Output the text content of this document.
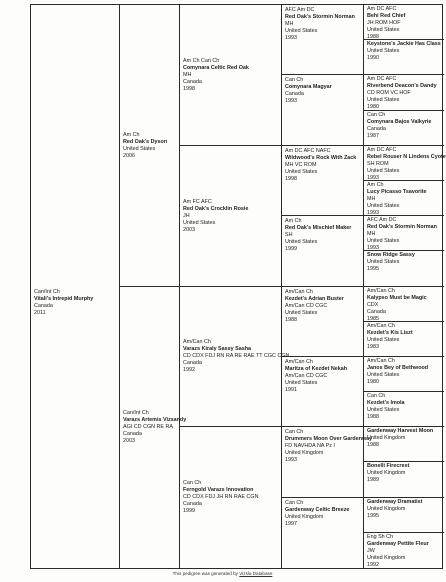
Can/Int Ch
Vitali's Intrepid Murphy
Canada
2011
Am Ch
Red Oak's Dyson
United States
2006
Can/Int Ch
Varazs Artemis Vizsandy
AGI CD CGN RE RA
Canada
2003
Am Ch Can Ch
Comynara Celtic Red Oak
MH
Canada
1998
Am FC AFC
Red Oak's Crocklin Rosie
JH
United States
2003
Am/Can Ch
Varazs Kiraly Sassy Sasha
CD CDX FDJ RN RA RE RAE TT CGC CGN
Canada
1992
Can Ch
Ferngold Varazs Innovation
CD CDX FDJ JH RN RAE CGN
Canada
1999
AFC Am DC
Red Oak's Stormin Norman
MH
United States
1993
Can Ch
Comynara Magyar
Canada
1993
Am DC AFC NAFC
Wildwood's Rock With Zack
MH VC ROM
United States
1998
Am Ch
Red Oak's Mischief Maker
SH
United States
1999
Am/Can Ch
Kezdet's Adrian Buster
Am/Can CD CGC
United States
1988
Am/Can Ch
Maritza of Kezdet Nekah
Am/Can CD CGC
United States
1991
Can Ch
Drummers Moon Over Gardenway
FD NAVHDA NA Pz I
United Kingdom
1993
Can Ch
Gardenway Celtic Breeze
United Kingdom
1997
Am DC AFC
Behi Red Chief
JH ROM HOF
United States
1988
Keystone's Jackie Has Class
United States
1990
Am DC AFC
Riverbend Deacon's Dandy
CD ROM VC HOF
United States
1980
Can Ch
Comynara Bajos Valkyrie
Canada
1987
Am DC AFC
Rebel Rouser N Lindens Cyote
SH ROM
United States
1993
Am Ch
Lucy Picasso Tsavorite
MH
United States
1993
AFC Am DC
Red Oak's Stormin Norman
MH
United States
1993
Snow Ridge Sassy
United States
1995
Am/Can Ch
Kalypso Must be Magic
CDX
Canada
1985
Am/Can Ch
Kezdet's Kis Liszt
United States
1983
Am/Can Ch
Janos Bey of Bethwood
United States
1980
Can Ch
Kezdet's Imola
United States
1988
Gardenway Harvest Moon
United Kingdom
1988
Bonelli Firecrest
United Kingdom
1989
Gardenway Dramatist
United Kingdom
1995
Eng Sh Ch
Gardenway Pettite Fleur
JW
United Kingdom
1992
This pedigree was generated by Vizsla Database
